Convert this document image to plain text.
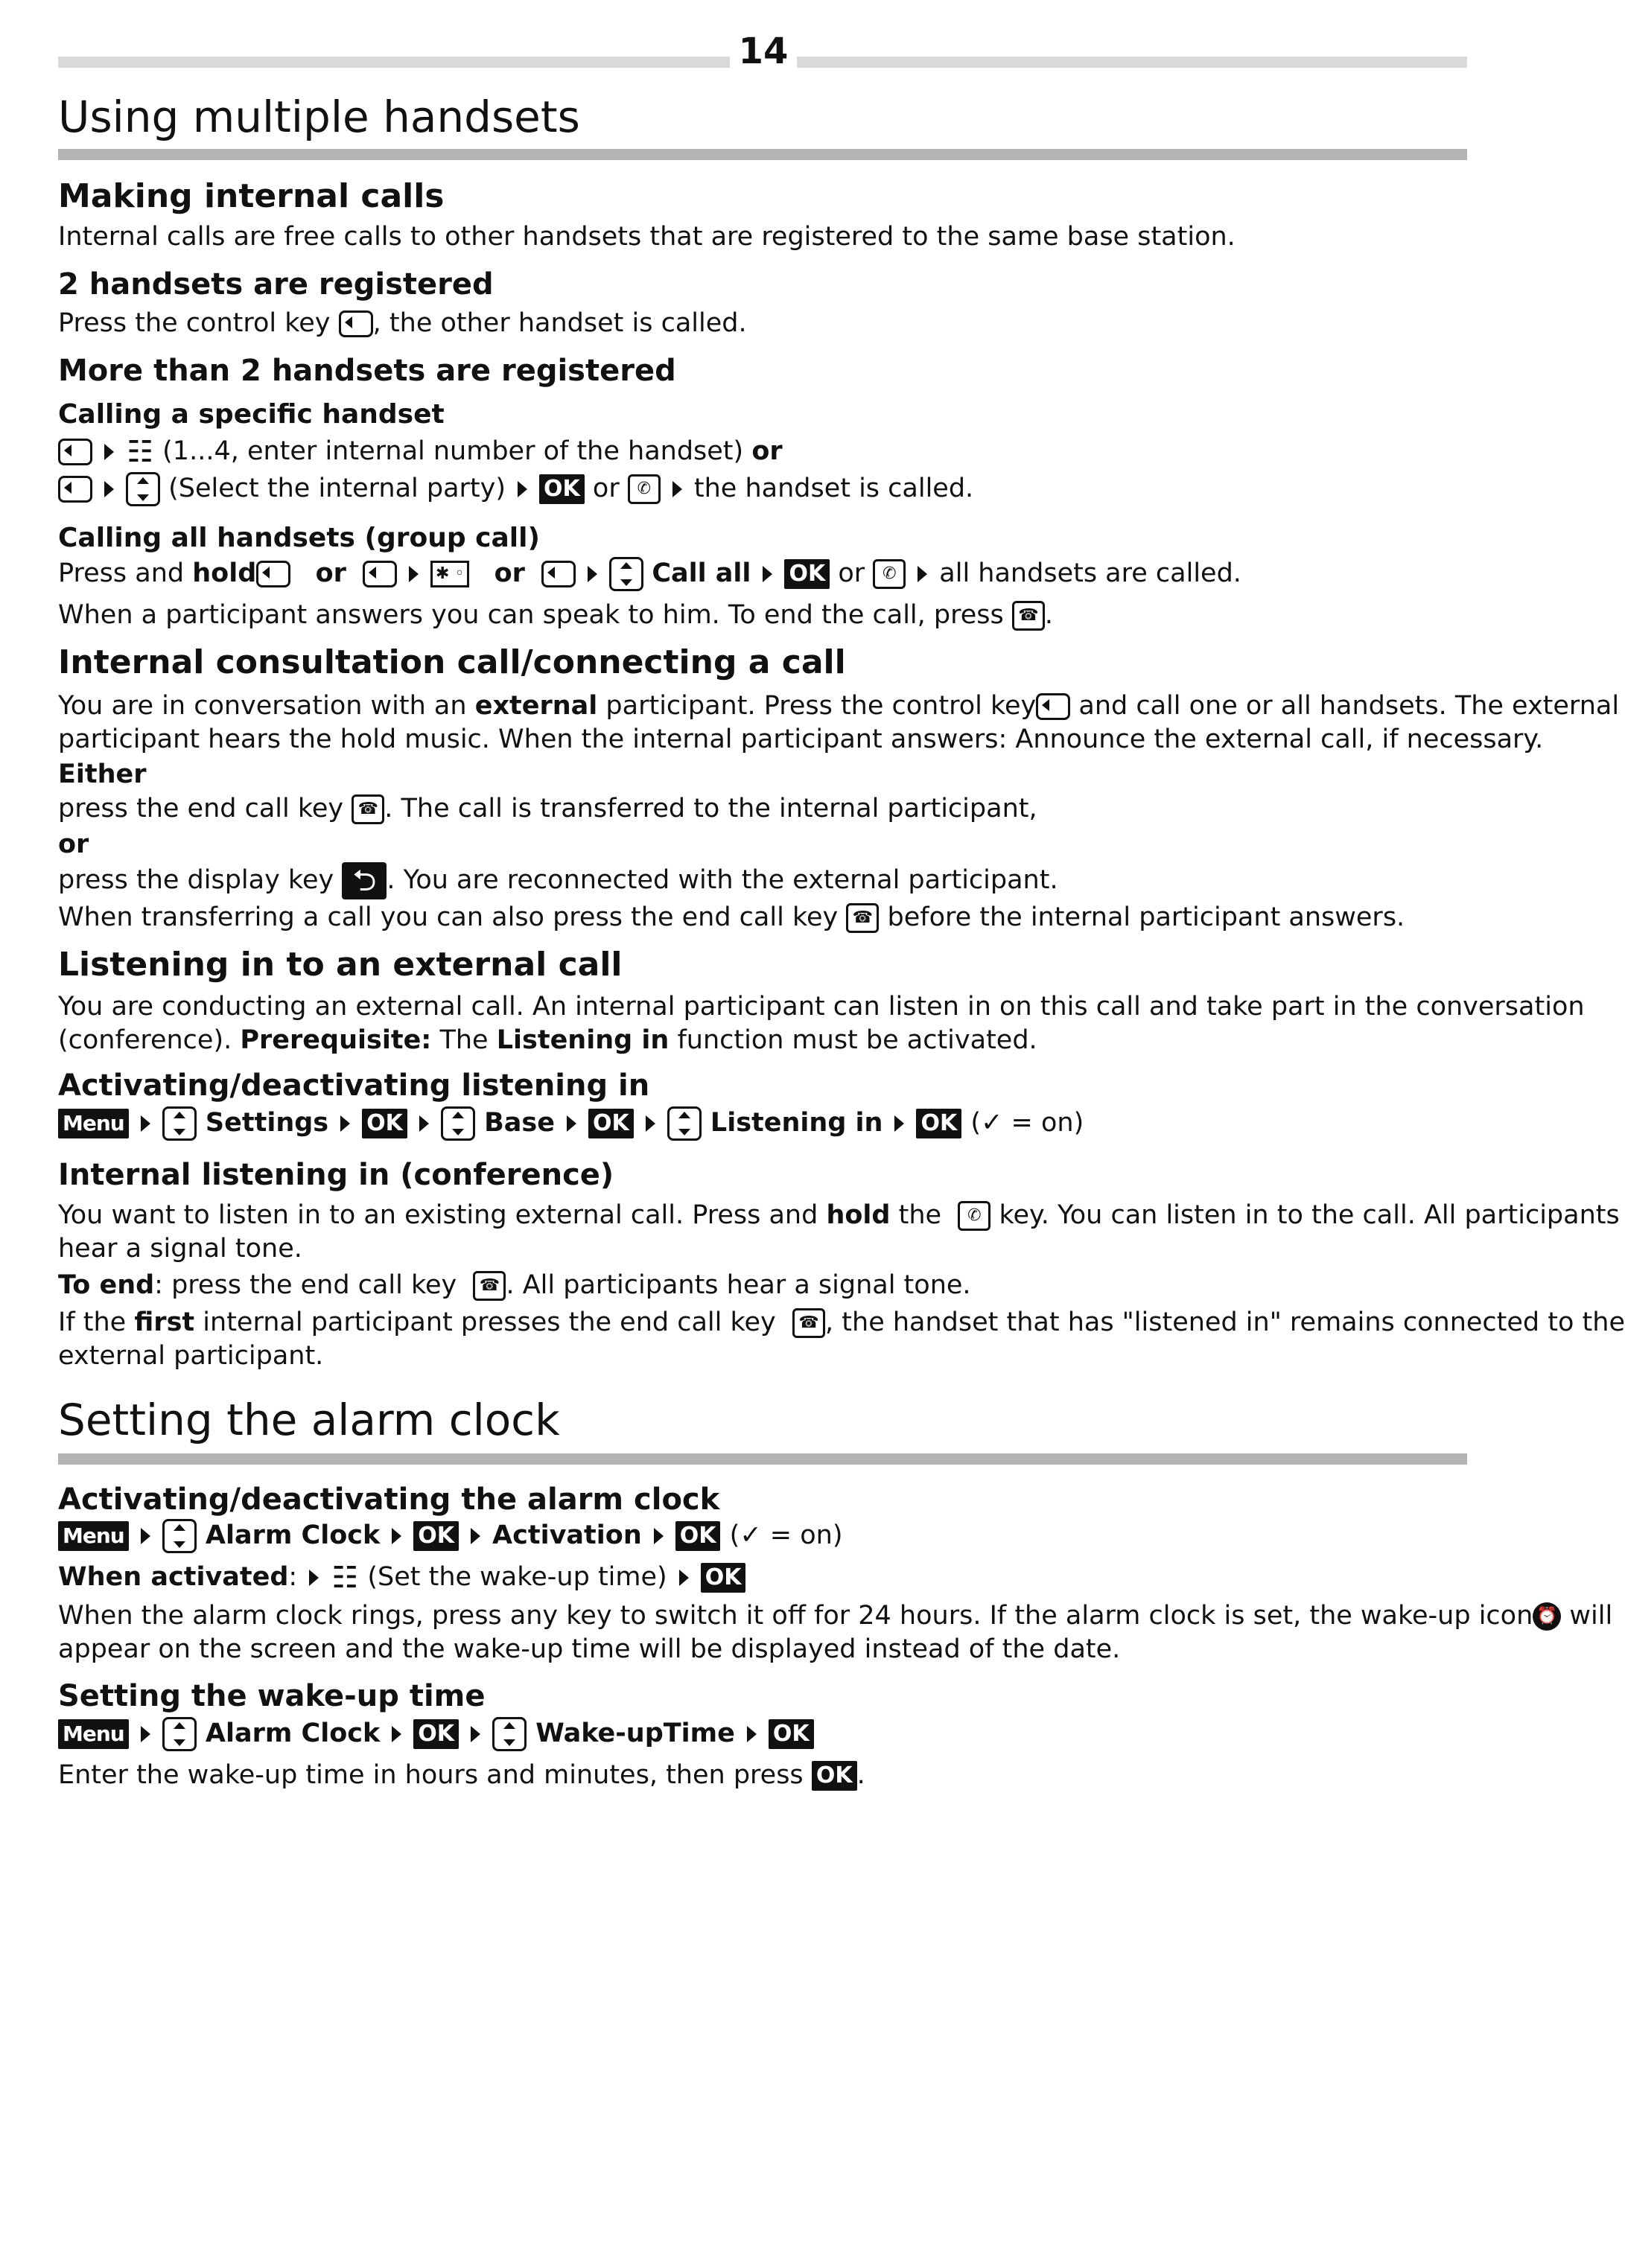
14
Using multiple handsets
Making internal calls

Internal calls are free calls to other handsets that are registered to the same base station.

2 handsets are registered

Press the control key , the other handset is called.

More than 2 handsets are registered
Calling a specific handset

☷ (1...4, enter internal number of the handset) or

(Select the internal party) OK or ✆ the handset is called.

Calling all handsets (group call)

Press and hold or	✱ ◦ or	Call all OK or ✆ all handsets are called.

When a participant answers you can speak to him. To end the call, press ☎ .

Internal consultation call/connecting a call

You are in conversation with an external participant. Press the control key and call one or all handsets. The external

participant hears the hold music. When the internal participant answers: Announce the external call, if necessary.

Either

press the end call key ☎ . The call is transferred to the internal participant,

or

press the display key ⮌ . You are reconnected with the external participant.

When transferring a call you can also press the end call key ☎ before the internal participant answers.

Listening in to an external call

You are conducting an external call. An internal participant can listen in on this call and take part in the conversation

(conference). Prerequisite: The Listening in function must be activated.

Activating/deactivating listening in

Menu	Settings OK	Base OK	Listening in OK (✓ = on)

Internal listening in (conference)

You want to listen in to an existing external call. Press and hold the ✆ key. You can listen in to the call. All participants

hear a signal tone.

To end: press the end call key ☎ . All participants hear a signal tone.

If the first internal participant presses the end call key ☎ , the handset that has "listened in" remains connected to the

external participant.

Setting the alarm clock
Activating/deactivating the alarm clock

Menu	Alarm Clock OK Activation OK (✓ = on)

When activated: ☷ (Set the wake-up time) OK

When the alarm clock rings, press any key to switch it off for 24 hours. If the alarm clock is set, the wake-up icon ⏰ will

appear on the screen and the wake-up time will be displayed instead of the date.

Setting the wake-up time

Menu	Alarm Clock OK	Wake-upTime OK

Enter the wake-up time in hours and minutes, then press OK .
